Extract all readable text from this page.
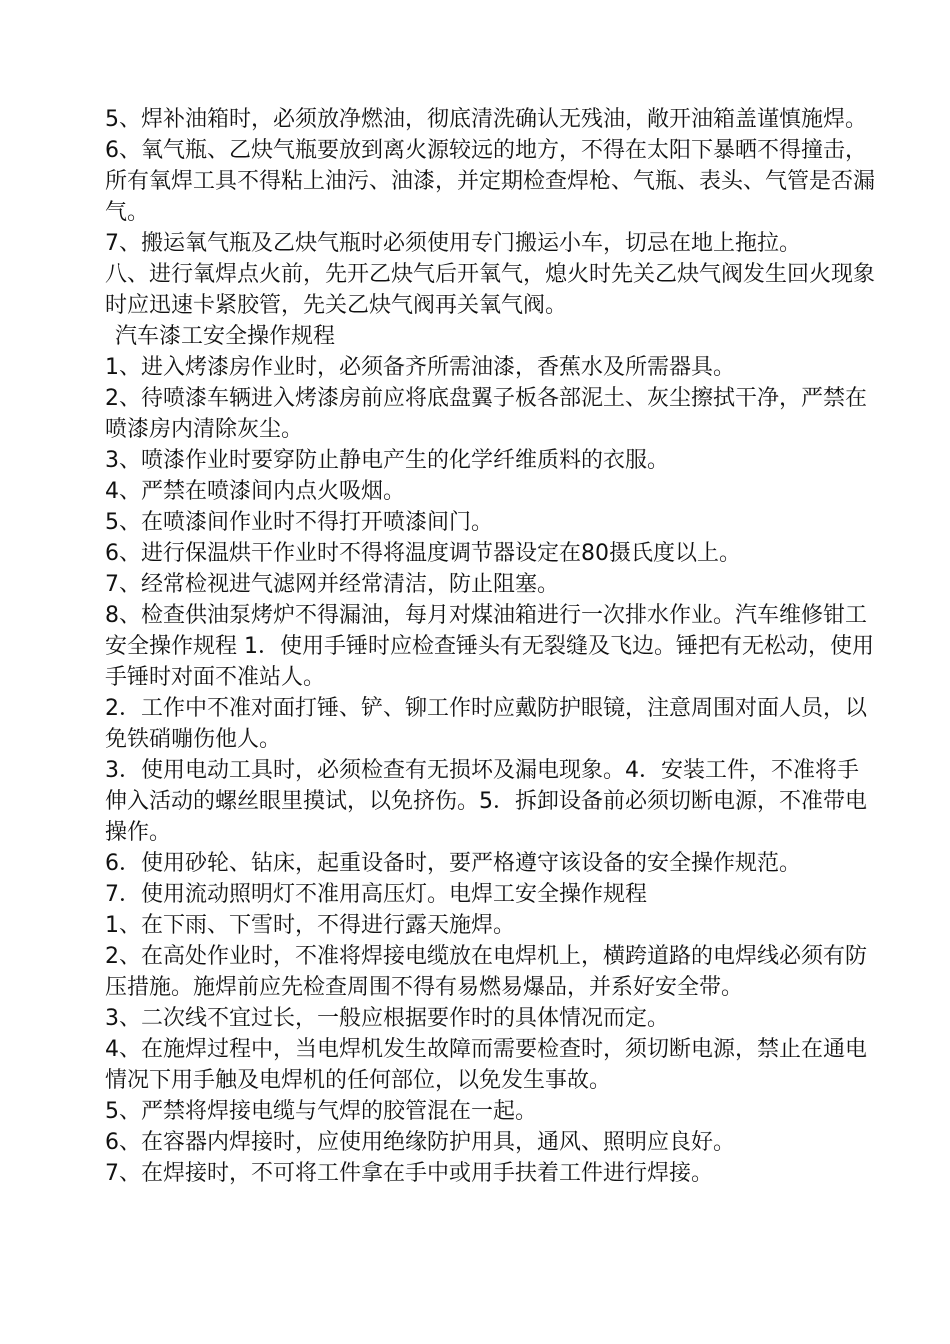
5、焊补油箱时，必须放净燃油，彻底清洗确认无残油，敞开油箱盖谨慎施焊。

6、氧气瓶、乙炔气瓶要放到离火源较远的地方，不得在太阳下暴晒不得撞击，所有氧焊工具不得粘上油污、油漆，并定期检查焊枪、气瓶、表头、气管是否漏气。

7、搬运氧气瓶及乙炔气瓶时必须使用专门搬运小车，切忌在地上拖拉。

八、进行氧焊点火前，先开乙炔气后开氧气，熄火时先关乙炔气阀发生回火现象时应迅速卡紧胶管，先关乙炔气阀再关氧气阀。

汽车漆工安全操作规程

1、进入烤漆房作业时，必须备齐所需油漆，香蕉水及所需器具。

2、待喷漆车辆进入烤漆房前应将底盘翼子板各部泥土、灰尘擦拭干净，严禁在喷漆房内清除灰尘。

3、喷漆作业时要穿防止静电产生的化学纤维质料的衣服。

4、严禁在喷漆间内点火吸烟。

5、在喷漆间作业时不得打开喷漆间门。

6、进行保温烘干作业时不得将温度调节器设定在80摄氏度以上。

7、经常检视进气滤网并经常清洁，防止阻塞。

8、检查供油泵烤炉不得漏油，每月对煤油箱进行一次排水作业。汽车维修钳工安全操作规程 1．使用手锤时应检查锤头有无裂缝及飞边。锤把有无松动，使用手锤时对面不准站人。

2．工作中不准对面打锤、铲、铆工作时应戴防护眼镜，注意周围对面人员，以免铁硝嘣伤他人。

3．使用电动工具时，必须检查有无损坏及漏电现象。4．安装工件，不准将手伸入活动的螺丝眼里摸试，以免挤伤。5．拆卸设备前必须切断电源，不准带电操作。

6．使用砂轮、钻床，起重设备时，要严格遵守该设备的安全操作规范。

7．使用流动照明灯不准用高压灯。电焊工安全操作规程

1、在下雨、下雪时，不得进行露天施焊。

2、在高处作业时，不准将焊接电缆放在电焊机上，横跨道路的电焊线必须有防压措施。施焊前应先检查周围不得有易燃易爆品，并系好安全带。

3、二次线不宜过长，一般应根据要作时的具体情况而定。

4、在施焊过程中，当电焊机发生故障而需要检查时，须切断电源，禁止在通电情况下用手触及电焊机的任何部位，以免发生事故。

5、严禁将焊接电缆与气焊的胶管混在一起。

6、在容器内焊接时，应使用绝缘防护用具，通风、照明应良好。

7、在焊接时，不可将工件拿在手中或用手扶着工件进行焊接。
